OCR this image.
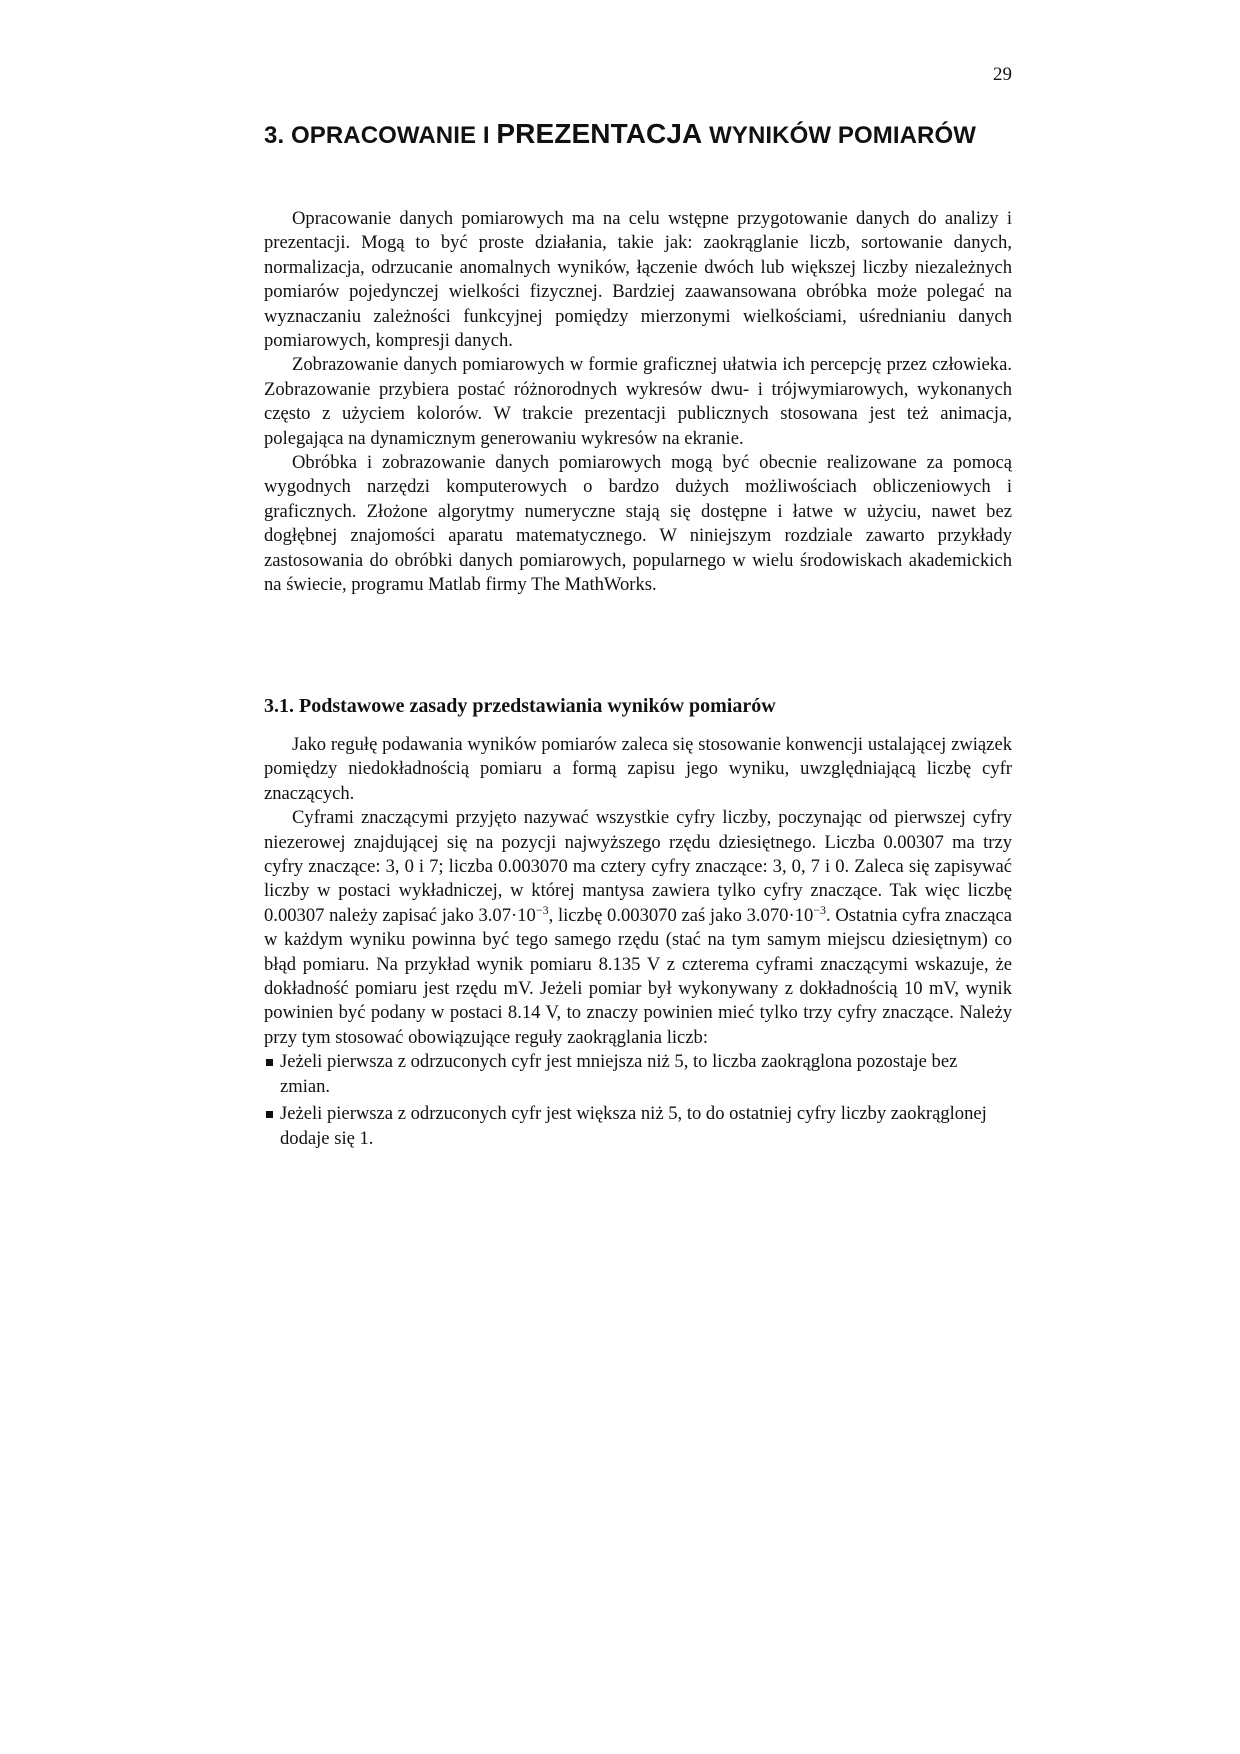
29
3. OPRACOWANIE I PREZENTACJA WYNIKÓW POMIARÓW

Opracowanie danych pomiarowych ma na celu wstępne przygotowanie danych do analizy i prezentacji. Mogą to być proste działania, takie jak: zaokrąglanie liczb, sortowanie danych, normalizacja, odrzucanie anomalnych wyników, łączenie dwóch lub większej liczby niezależnych pomiarów pojedynczej wielkości fizycznej. Bardziej zaawansowana obróbka może polegać na wyznaczaniu zależności funkcyjnej pomiędzy mierzonymi wielkościami, uśrednianiu danych pomiarowych, kompresji danych.

Zobrazowanie danych pomiarowych w formie graficznej ułatwia ich percepcję przez człowieka. Zobrazowanie przybiera postać różnorodnych wykresów dwu- i trójwymiarowych, wykonanych często z użyciem kolorów. W trakcie prezentacji publicznych stosowana jest też animacja, polegająca na dynamicznym generowaniu wykresów na ekranie.

Obróbka i zobrazowanie danych pomiarowych mogą być obecnie realizowane za pomocą wygodnych narzędzi komputerowych o bardzo dużych możliwościach obliczeniowych i graficznych. Złożone algorytmy numeryczne stają się dostępne i łatwe w użyciu, nawet bez dogłębnej znajomości aparatu matematycznego. W niniejszym rozdziale zawarto przykłady zastosowania do obróbki danych pomiarowych, popularnego w wielu środowiskach akademickich na świecie, programu Matlab firmy The MathWorks.

3.1. Podstawowe zasady przedstawiania wyników pomiarów

Jako regułę podawania wyników pomiarów zaleca się stosowanie konwencji ustalającej związek pomiędzy niedokładnością pomiaru a formą zapisu jego wyniku, uwzględniającą liczbę cyfr znaczących.

Cyframi znaczącymi przyjęto nazywać wszystkie cyfry liczby, poczynając od pierwszej cyfry niezerowej znajdującej się na pozycji najwyższego rzędu dziesiętnego. Liczba 0.00307 ma trzy cyfry znaczące: 3, 0 i 7; liczba 0.003070 ma cztery cyfry znaczące: 3, 0, 7 i 0. Zaleca się zapisywać liczby w postaci wykładniczej, w której mantysa zawiera tylko cyfry znaczące. Tak więc liczbę 0.00307 należy zapisać jako $3.07\cdot 10^{-3}$, liczbę 0.003070 zaś jako $3.070\cdot 10^{-3}$. Ostatnia cyfra znacząca w każdym wyniku powinna być tego samego rzędu (stać na tym samym miejscu dziesiętnym) co błąd pomiaru. Na przykład wynik pomiaru 8.135 V z czterema cyframi znaczącymi wskazuje, że dokładność pomiaru jest rzędu mV. Jeżeli pomiar był wykonywany z dokładnością 10 mV, wynik powinien być podany w postaci 8.14 V, to znaczy powinien mieć tylko trzy cyfry znaczące. Należy przy tym stosować obowiązujące reguły zaokrąglania liczb:

Jeżeli pierwsza z odrzuconych cyfr jest mniejsza niż 5, to liczba zaokrąglona pozostaje bez zmian.
Jeżeli pierwsza z odrzuconych cyfr jest większa niż 5, to do ostatniej cyfry liczby zaokrąglonej dodaje się 1.
